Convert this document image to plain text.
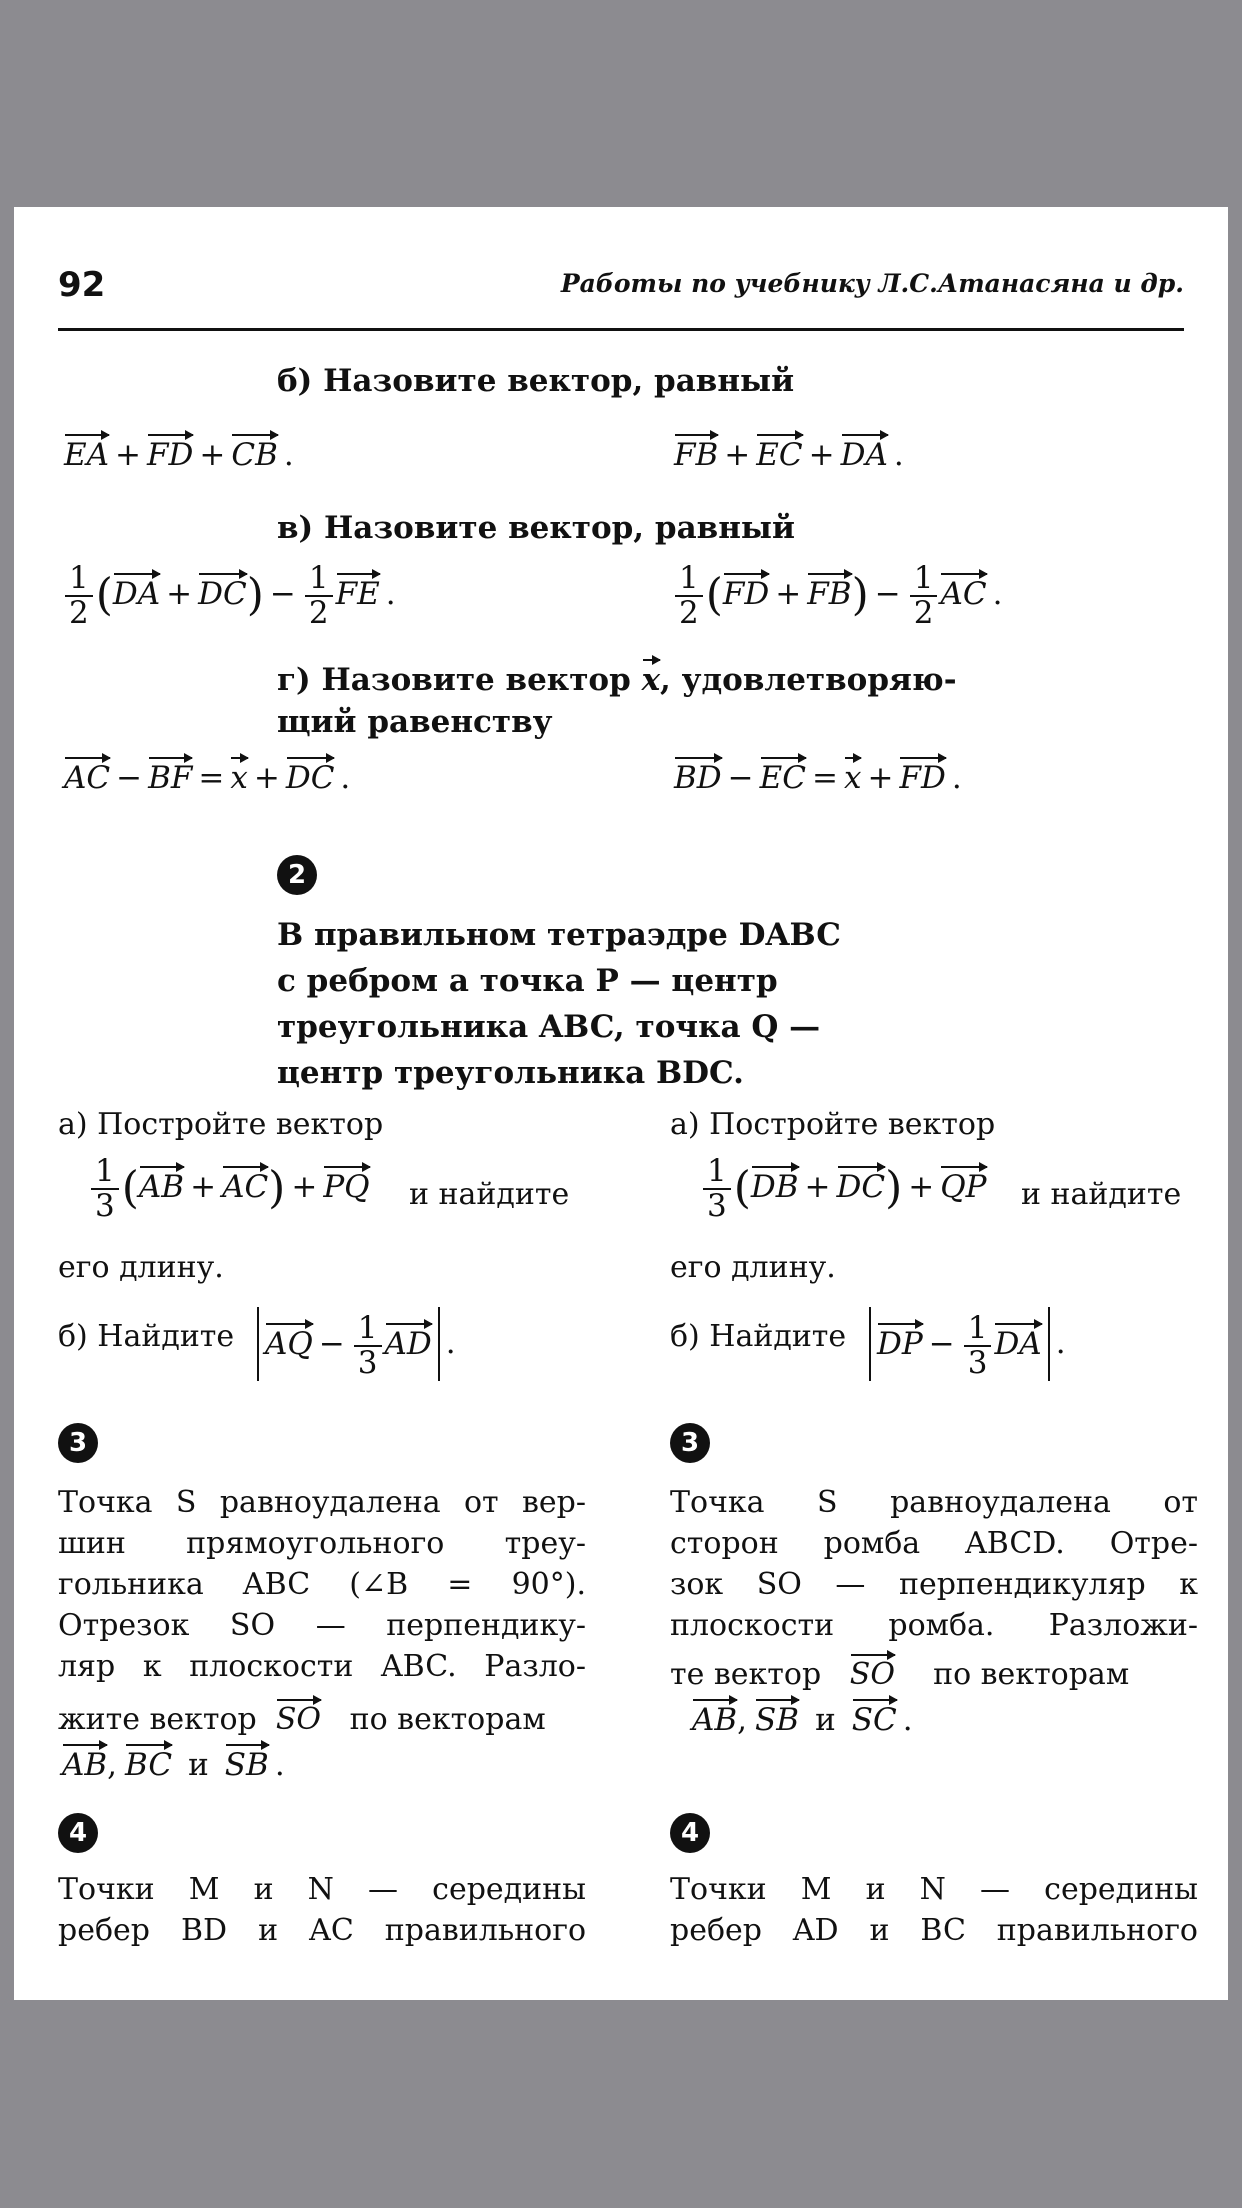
92	Работы по учебнику Л.С.Атанасяна и др.
б) Назовите вектор, равный
EA + FD + CB .	FB + EC + DA .
в) Назовите вектор, равный
$\frac{1}{2} (DA + DC) - \frac{1}{2}$ FE .	$\frac{1}{2} (FD + FB) - \frac{1}{2}$ AC .
г) Назовите вектор x, удовлетворяю-
щий равенству
AC − BF = x + DC .	BD − EC = x + FD .
2
В правильном тетраэдре DABC
с ребром a точка P — центр
треугольника ABC, точка Q —
центр треугольника BDC.
а) Постройте вектор
$\frac{1}{3} (AB + AC)$ + PQ и найдите
его длину.
б) Найдите AQ − $\frac{1}{3}$ AD .
а) Постройте вектор
$\frac{1}{3} (DB + DC)$ + QP и найдите
его длину.
б) Найдите DP − $\frac{1}{3}$ DA .
3	3
Точка S равноудалена от вер-
шин прямоугольного треу-
гольника ABC (∠B = 90°).
Отрезок SO — перпендику-
ляр к плоскости ABC. Разло-
жите вектор SO по векторам
AB, BC и SB .
Точка S равноудалена от
сторон ромба ABCD. Отре-
зок SO — перпендикуляр к
плоскости ромба. Разложи-
те вектор SO по векторам
AB, SB и SC .
4	4
Точки M и N — середины
ребер BD и AC правильного
Точки M и N — середины
ребер AD и BC правильного
